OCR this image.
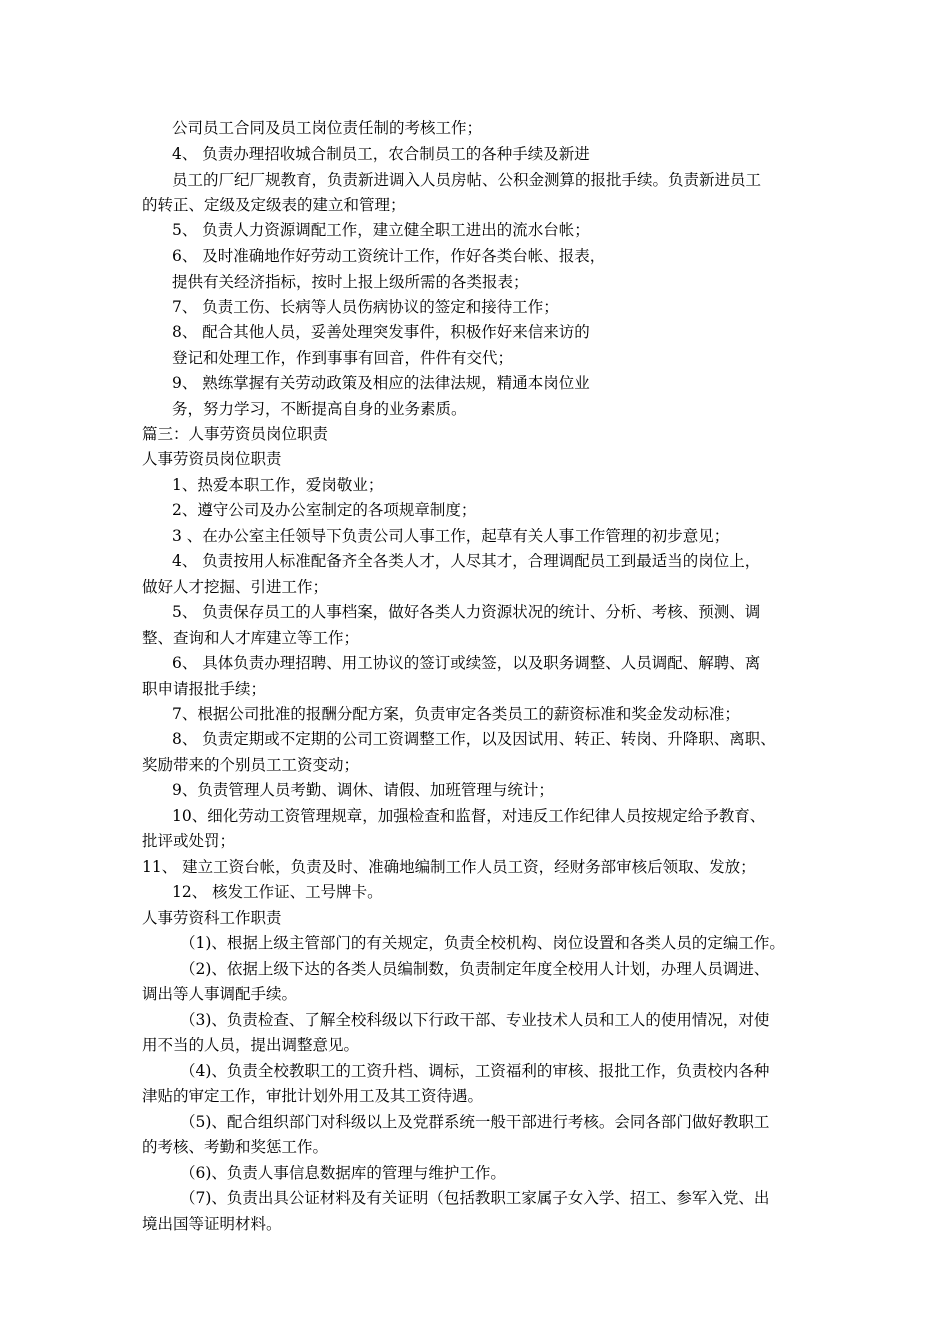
公司员工合同及员工岗位责任制的考核工作；
4、 负责办理招收城合制员工，农合制员工的各种手续及新进
员工的厂纪厂规教育，负责新进调入人员房帖、公积金测算的报批手续。负责新进员工
的转正、定级及定级表的建立和管理；
5、 负责人力资源调配工作，建立健全职工进出的流水台帐；
6、 及时准确地作好劳动工资统计工作，作好各类台帐、报表，
提供有关经济指标，按时上报上级所需的各类报表；
7、 负责工伤、长病等人员伤病协议的签定和接待工作；
8、 配合其他人员，妥善处理突发事件，积极作好来信来访的
登记和处理工作，作到事事有回音，件件有交代；
9、 熟练掌握有关劳动政策及相应的法律法规，精通本岗位业
务，努力学习，不断提高自身的业务素质。
篇三：人事劳资员岗位职责
人事劳资员岗位职责
1、热爱本职工作，爱岗敬业；
2、遵守公司及办公室制定的各项规章制度；
3 、在办公室主任领导下负责公司人事工作，起草有关人事工作管理的初步意见；
4、 负责按用人标准配备齐全各类人才，人尽其才，合理调配员工到最适当的岗位上，
做好人才挖掘、引进工作；
5、 负责保存员工的人事档案，做好各类人力资源状况的统计、分析、考核、预测、调
整、查询和人才库建立等工作；
6、 具体负责办理招聘、用工协议的签订或续签，以及职务调整、人员调配、解聘、离
职申请报批手续；
7、根据公司批准的报酬分配方案，负责审定各类员工的薪资标准和奖金发动标准；
8、 负责定期或不定期的公司工资调整工作，以及因试用、转正、转岗、升降职、离职、
奖励带来的个别员工工资变动；
9、负责管理人员考勤、调休、请假、加班管理与统计；
10、细化劳动工资管理规章，加强检查和监督，对违反工作纪律人员按规定给予教育、
批评或处罚；
11、 建立工资台帐，负责及时、准确地编制工作人员工资，经财务部审核后领取、发放；
12、 核发工作证、工号牌卡。
人事劳资科工作职责
（1)、根据上级主管部门的有关规定，负责全校机构、岗位设置和各类人员的定编工作。
（2)、依据上级下达的各类人员编制数，负责制定年度全校用人计划，办理人员调进、
调出等人事调配手续。
（3)、负责检查、了解全校科级以下行政干部、专业技术人员和工人的使用情况，对使
用不当的人员，提出调整意见。
（4)、负责全校教职工的工资升档、调标，工资福利的审核、报批工作，负责校内各种
津贴的审定工作，审批计划外用工及其工资待遇。
（5)、配合组织部门对科级以上及党群系统一般干部进行考核。会同各部门做好教职工
的考核、考勤和奖惩工作。
（6)、负责人事信息数据库的管理与维护工作。
（7)、负责出具公证材料及有关证明（包括教职工家属子女入学、招工、参军入党、出
境出国等证明材料。
